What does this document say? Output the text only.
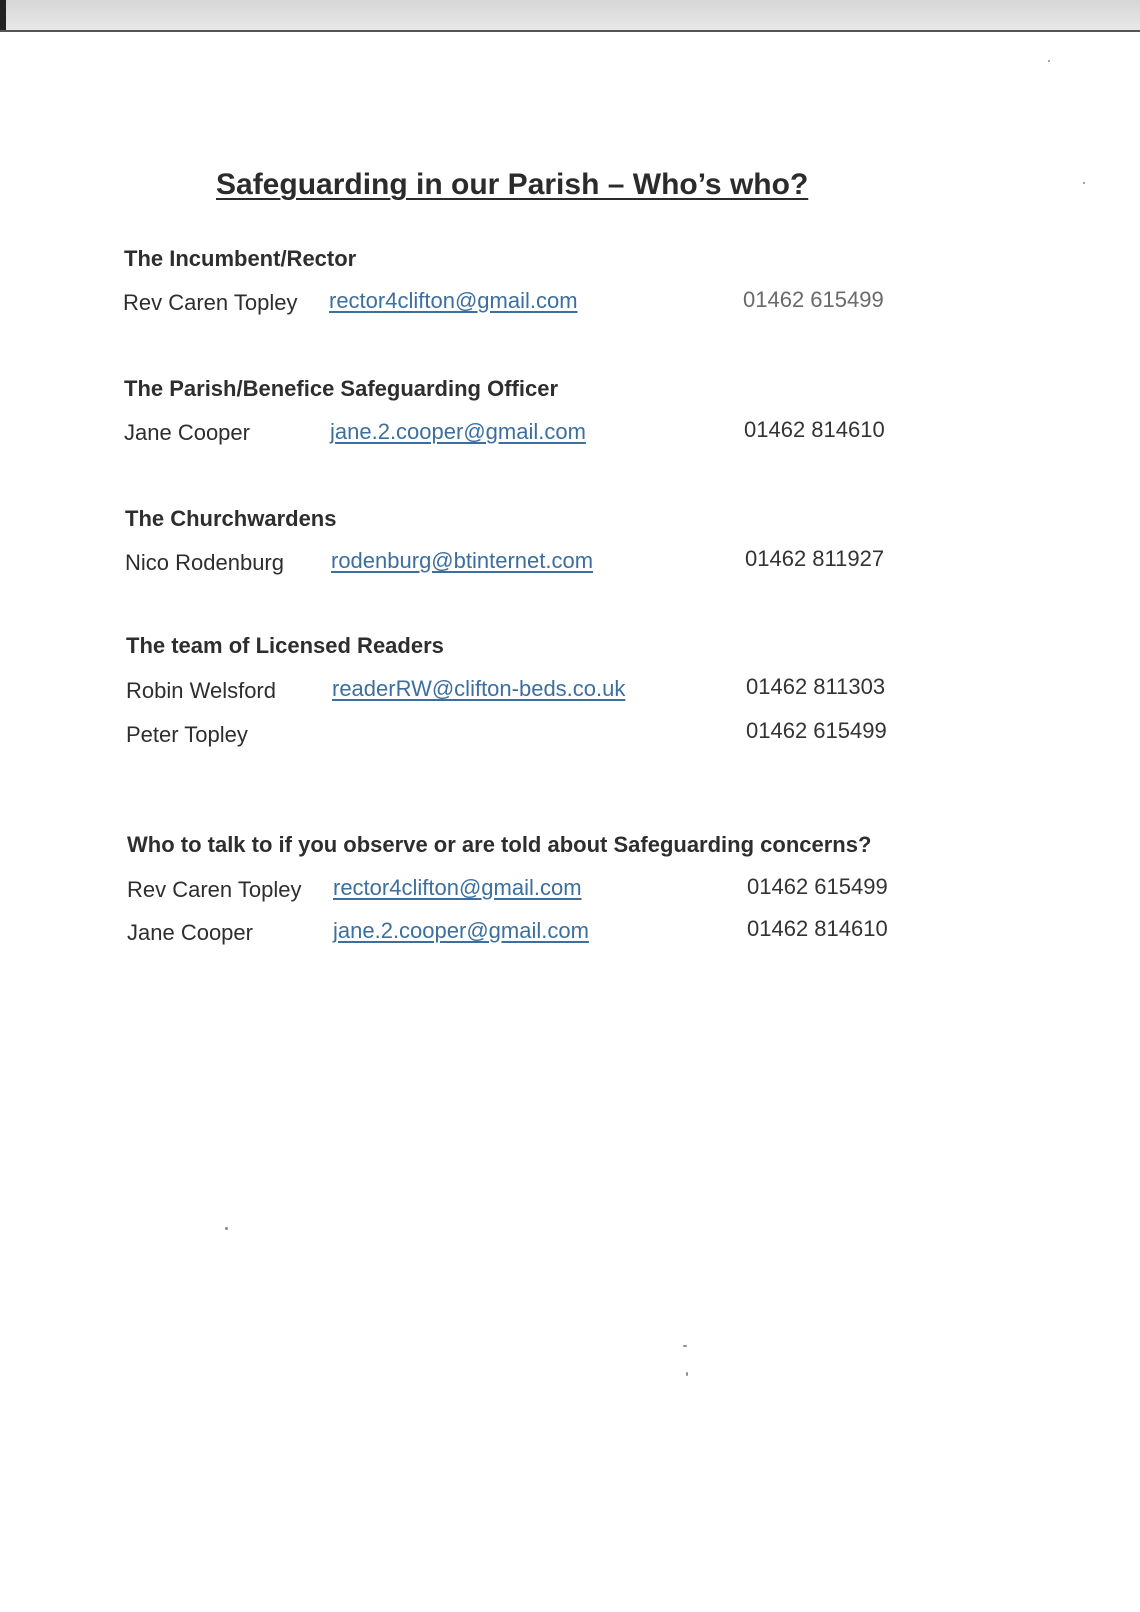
Safeguarding in our Parish – Who’s who?
The Incumbent/Rector
Rev Caren Topley rector4clifton@gmail.com	01462 615499
The Parish/Benefice Safeguarding Officer
Jane Cooper	jane.2.cooper@gmail.com	01462 814610
The Churchwardens
Nico Rodenburg rodenburg@btinternet.com	01462 811927
The team of Licensed Readers
Robin Welsford	readerRW@clifton-beds.co.uk	01462 811303
Peter Topley	01462 615499
Who to talk to if you observe or are told about Safeguarding concerns?
Rev Caren Topley rector4clifton@gmail.com	01462 615499
Jane Cooper	jane.2.cooper@gmail.com	01462 814610
